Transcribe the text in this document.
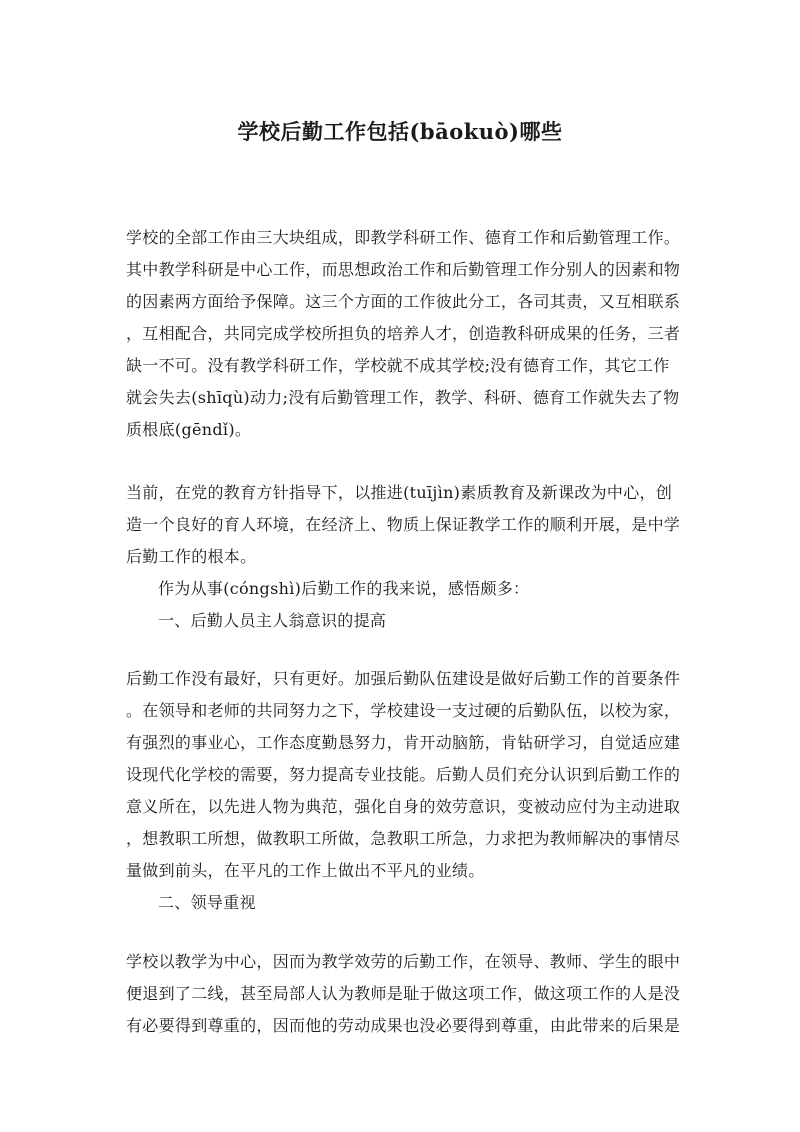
学校后勤工作包括(bāokuò)哪些
学校的全部工作由三大块组成，即教学科研工作、德育工作和后勤管理工作。
其中教学科研是中心工作，而思想政治工作和后勤管理工作分别人的因素和物
的因素两方面给予保障。这三个方面的工作彼此分工，各司其责，又互相联系
，互相配合，共同完成学校所担负的培养人才，创造教科研成果的任务，三者
缺一不可。没有教学科研工作，学校就不成其学校;没有德育工作，其它工作
就会失去(shīqù)动力;没有后勤管理工作，教学、科研、德育工作就失去了物
质根底(gēndǐ)。
当前，在党的教育方针指导下，以推进(tuījìn)素质教育及新课改为中心，创
造一个良好的育人环境，在经济上、物质上保证教学工作的顺利开展，是中学
后勤工作的根本。
作为从事(cóngshì)后勤工作的我来说，感悟颇多：
一、后勤人员主人翁意识的提高
后勤工作没有最好，只有更好。加强后勤队伍建设是做好后勤工作的首要条件
。在领导和老师的共同努力之下，学校建设一支过硬的后勤队伍，以校为家，
有强烈的事业心，工作态度勤恳努力，肯开动脑筋，肯钻研学习，自觉适应建
设现代化学校的需要，努力提高专业技能。后勤人员们充分认识到后勤工作的
意义所在，以先进人物为典范，强化自身的效劳意识，变被动应付为主动进取
，想教职工所想，做教职工所做，急教职工所急，力求把为教师解决的事情尽
量做到前头，在平凡的工作上做出不平凡的业绩。
二、领导重视
学校以教学为中心，因而为教学效劳的后勤工作，在领导、教师、学生的眼中
便退到了二线，甚至局部人认为教师是耻于做这项工作，做这项工作的人是没
有必要得到尊重的，因而他的劳动成果也没必要得到尊重，由此带来的后果是
